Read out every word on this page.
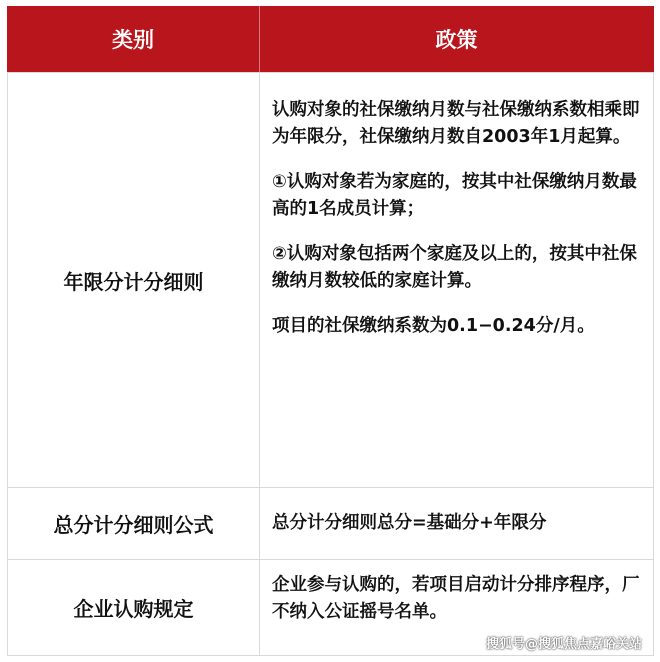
类别	政策
年限分计分细则

认购对象的社保缴纳月数与社保缴纳系数相乘即为年限分，社保缴纳月数自2003年1月起算。

①认购对象若为家庭的，按其中社保缴纳月数最高的1名成员计算；

②认购对象包括两个家庭及以上的，按其中社保缴纳月数较低的家庭计算。

项目的社保缴纳系数为0.1−0.24分/月。

总分计分细则公式	总分计分细则总分=基础分+年限分

企业认购规定

企业参与认购的，若项目启动计分排序程序，厂不纳入公证摇号名单。

搜狐号@搜狐焦点嘉峪关站
